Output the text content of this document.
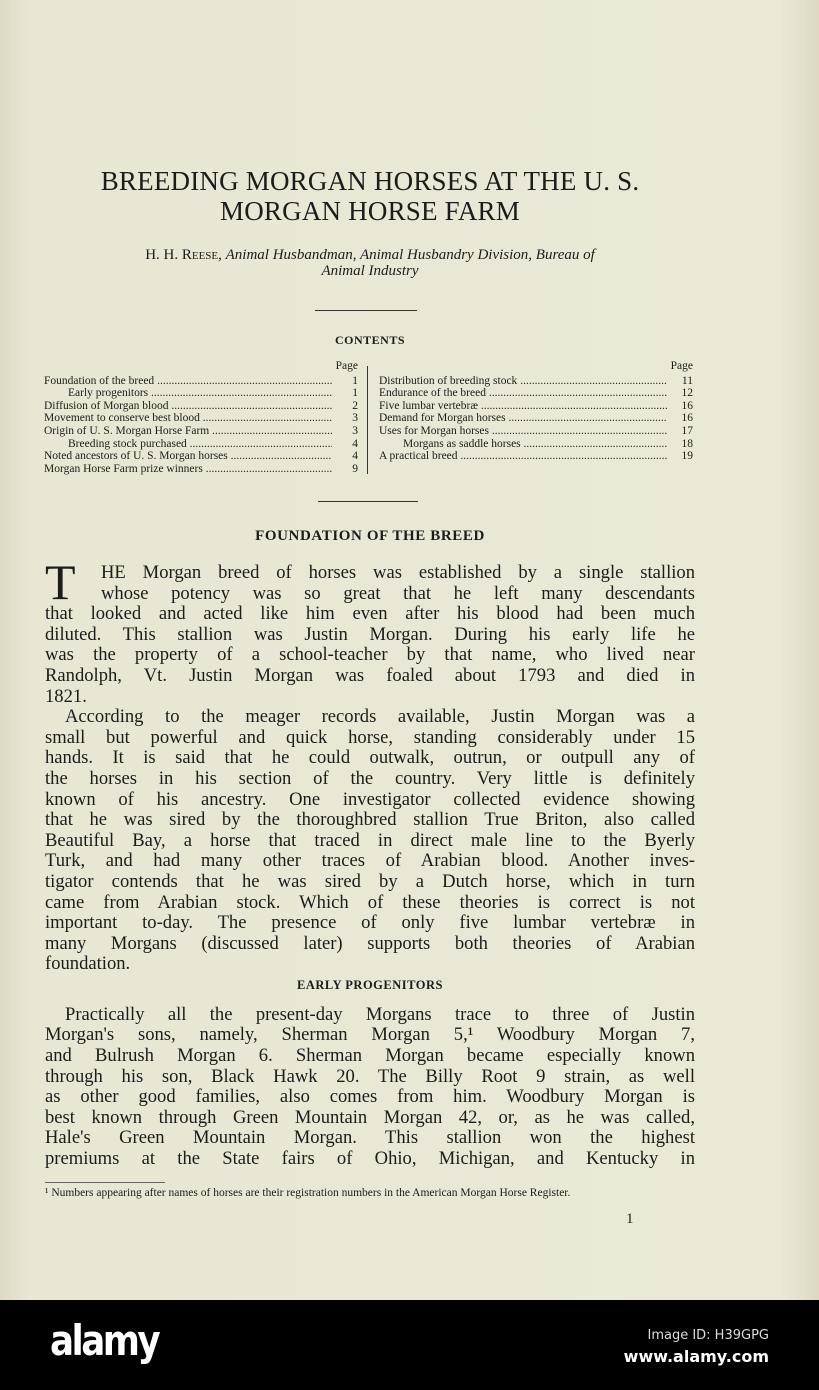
BREEDING MORGAN HORSES AT THE U. S.
MORGAN HORSE FARM
H. H. Reese, Animal Husbandman, Animal Husbandry Division, Bureau of
Animal Industry
CONTENTS
Page
Foundation of the breed .....	1
Early progenitors .....	1
Diffusion of Morgan blood .....	2
Movement to conserve best blood .....	3
Origin of U. S. Morgan Horse Farm .....	3
Breeding stock purchased .....	4
Noted ancestors of U. S. Morgan horses .....	4
Morgan Horse Farm prize winners .....	9
Page
Distribution of breeding stock .....	11
Endurance of the breed .....	12
Five lumbar vertebræ .....	16
Demand for Morgan horses .....	16
Uses for Morgan horses .....	17
Morgans as saddle horses .....	18
A practical breed .....	19
FOUNDATION OF THE BREED
T	HE Morgan breed of horses was established by a single stallion
whose potency was so great that he left many descendants
that looked and acted like him even after his blood had been much
diluted. This stallion was Justin Morgan. During his early life he
was the property of a school-teacher by that name, who lived near
Randolph, Vt. Justin Morgan was foaled about 1793 and died in
1821.
According to the meager records available, Justin Morgan was a
small but powerful and quick horse, standing considerably under 15
hands. It is said that he could outwalk, outrun, or outpull any of
the horses in his section of the country. Very little is definitely
known of his ancestry. One investigator collected evidence showing
that he was sired by the thoroughbred stallion True Briton, also called
Beautiful Bay, a horse that traced in direct male line to the Byerly
Turk, and had many other traces of Arabian blood. Another inves-
tigator contends that he was sired by a Dutch horse, which in turn
came from Arabian stock. Which of these theories is correct is not
important to-day. The presence of only five lumbar vertebræ in
many Morgans (discussed later) supports both theories of Arabian
foundation.
EARLY PROGENITORS
Practically all the present-day Morgans trace to three of Justin
Morgan's sons, namely, Sherman Morgan 5,¹ Woodbury Morgan 7,
and Bulrush Morgan 6. Sherman Morgan became especially known
through his son, Black Hawk 20. The Billy Root 9 strain, as well
as other good families, also comes from him. Woodbury Morgan is
best known through Green Mountain Morgan 42, or, as he was called,
Hale's Green Mountain Morgan. This stallion won the highest
premiums at the State fairs of Ohio, Michigan, and Kentucky in
¹ Numbers appearing after names of horses are their registration numbers in the American Morgan Horse Register.
1
alamy	Image ID: H39GPG
www.alamy.com
